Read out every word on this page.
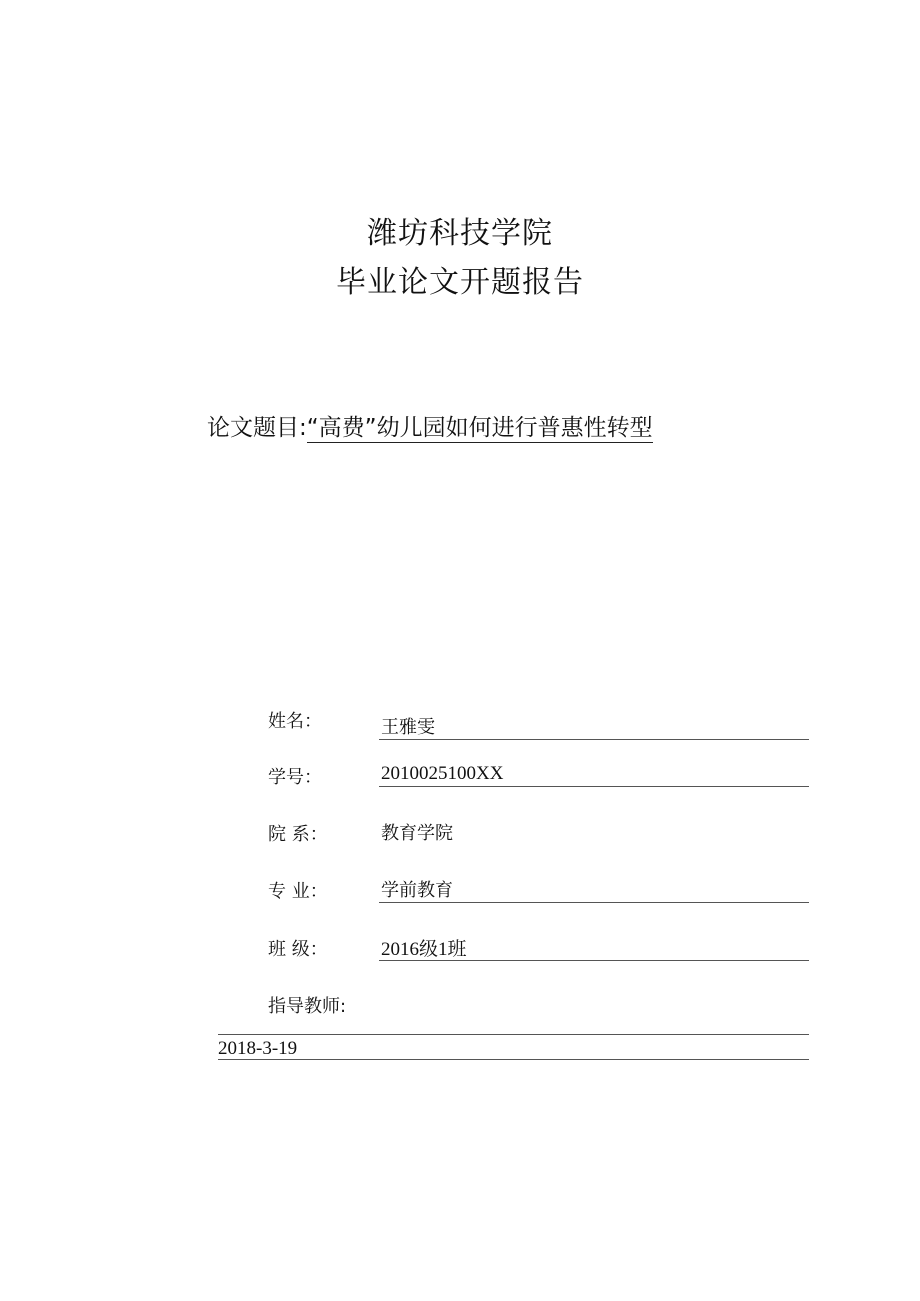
潍坊科技学院
毕业论文开题报告
论文题目:“高费”幼儿园如何进行普惠性转型
姓名：	王雅雯
学号：	2010025100XX
院 系：	教育学院
专 业：	学前教育
班 级：	2016级1班
指导教师:
2018-3-19
